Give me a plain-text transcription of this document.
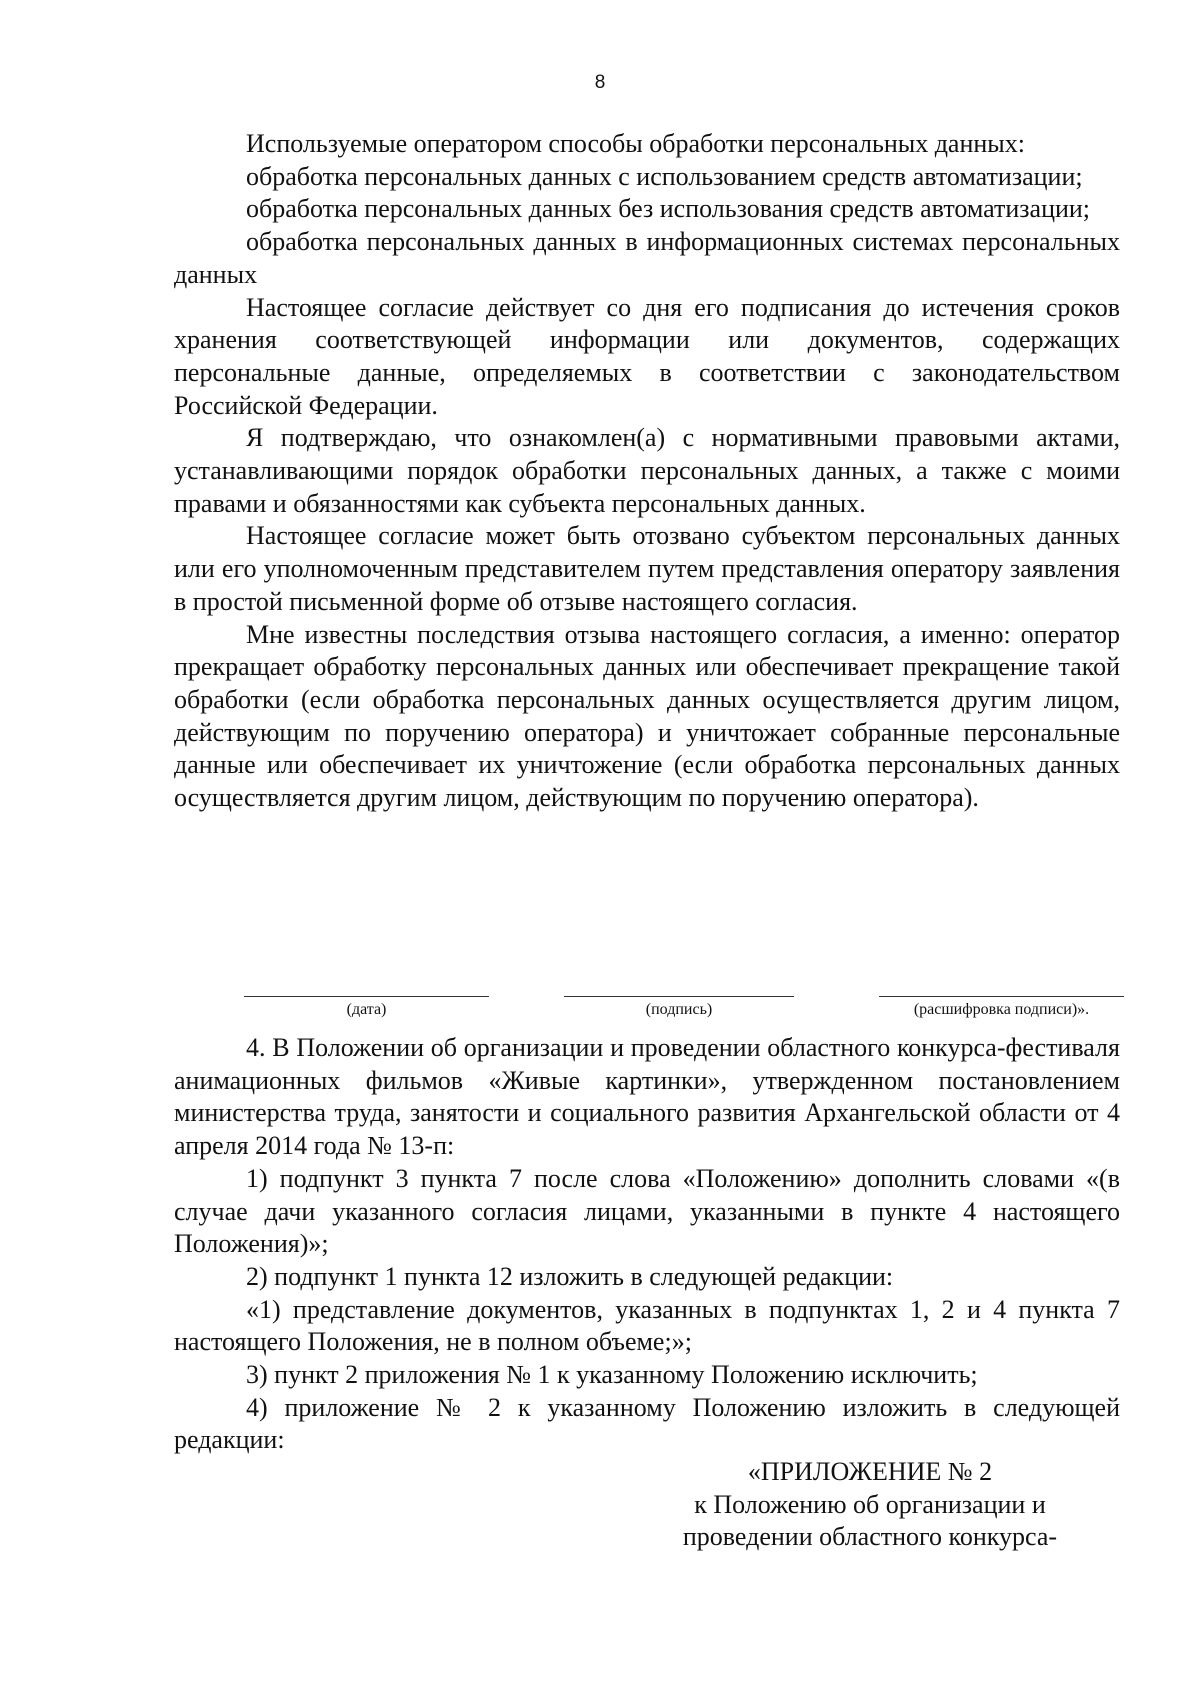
8

Используемые оператором способы обработки персональных данных:

обработка персональных данных с использованием средств автоматизации;

обработка персональных данных без использования средств автоматизации;

обработка персональных данных в информационных системах персональных данных

Настоящее согласие действует со дня его подписания до истечения сроков хранения соответствующей информации или документов, содержащих персональные данные, определяемых в соответствии с законодательством Российской Федерации.

Я подтверждаю, что ознакомлен(а) с нормативными правовыми актами, устанавливающими порядок обработки персональных данных, а также с моими правами и обязанностями как субъекта персональных данных.

Настоящее согласие может быть отозвано субъектом персональных данных или его уполномоченным представителем путем представления оператору заявления в простой письменной форме об отзыве настоящего согласия.

Мне известны последствия отзыва настоящего согласия, а именно: оператор прекращает обработку персональных данных или обеспечивает прекращение такой обработки (если обработка персональных данных осуществляется другим лицом, действующим по поручению оператора) и уничтожает собранные персональные данные или обеспечивает их уничтожение (если обработка персональных данных осуществляется другим лицом, действующим по поручению оператора).

(дата)	(подпись)	(расшифровка подписи)».

4. В Положении об организации и проведении областного конкурса-фестиваля анимационных фильмов «Живые картинки», утвержденном постановлением министерства труда, занятости и социального развития Архангельской области от 4 апреля 2014 года № 13-п:

1) подпункт 3 пункта 7 после слова «Положению» дополнить словами «(в случае дачи указанного согласия лицами, указанными в пункте 4 настоящего Положения)»;

2) подпункт 1 пункта 12 изложить в следующей редакции:

«1) представление документов, указанных в подпунктах 1, 2 и 4 пункта 7 настоящего Положения, не в полном объеме;»;

3) пункт 2 приложения № 1 к указанному Положению исключить;

4) приложение № 2 к указанному Положению изложить в следующей редакции:

«ПРИЛОЖЕНИЕ № 2
к Положению об организации и
проведении областного конкурса-
